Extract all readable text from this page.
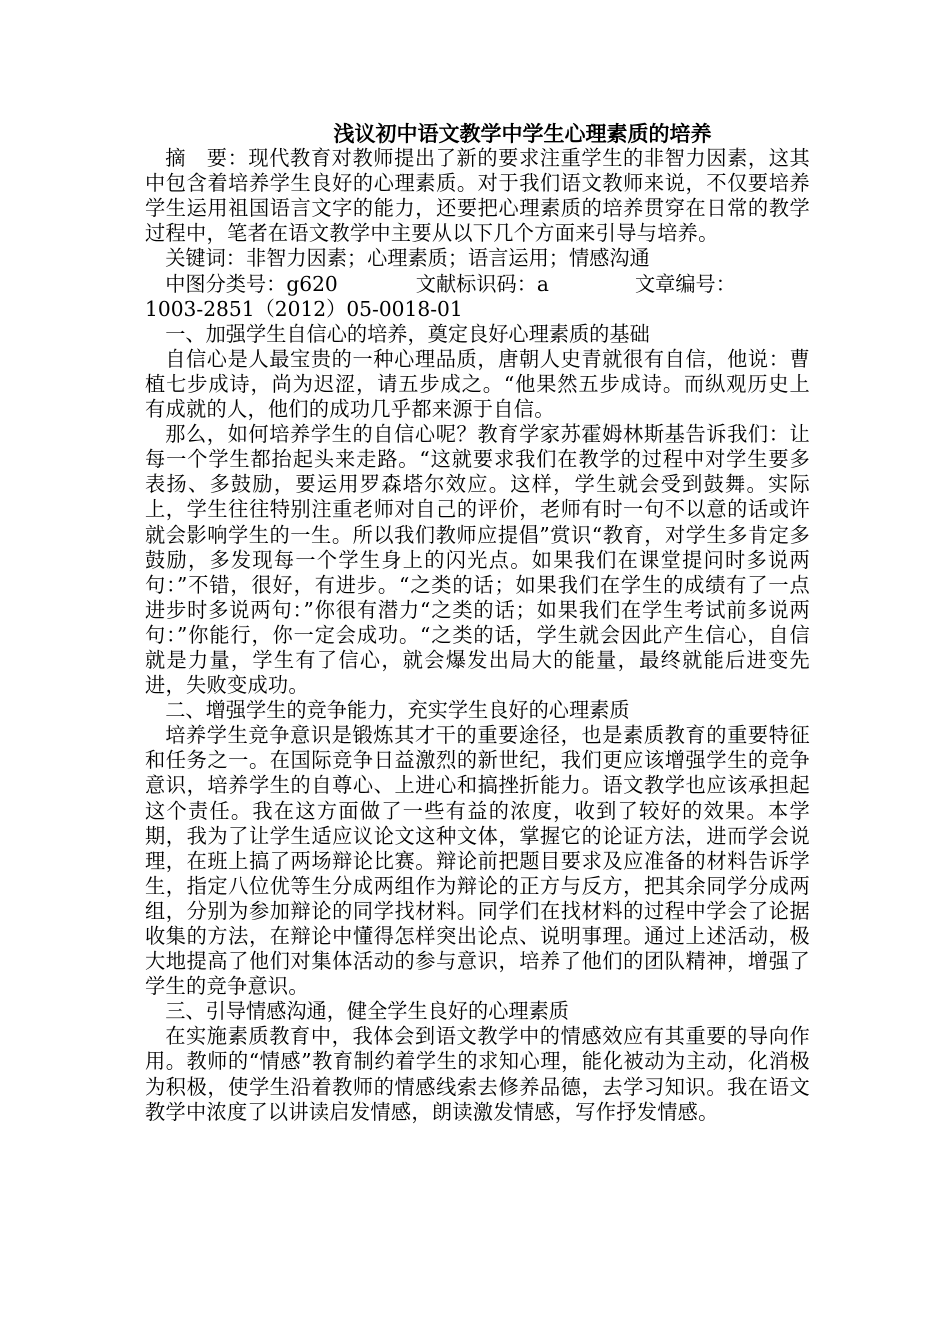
浅议初中语文教学中学生心理素质的培养

摘　要：现代教育对教师提出了新的要求注重学生的非智力因素，这其中包含着培养学生良好的心理素质。对于我们语文教师来说，不仅要培养学生运用祖国语言文字的能力，还要把心理素质的培养贯穿在日常的教学过程中，笔者在语文教学中主要从以下几个方面来引导与培养。

关键词：非智力因素；心理素质；语言运用；情感沟通

中图分类号：g620	文献标识码：a	文章编号：

1003-2851（2012）05-0018-01

一、加强学生自信心的培养，奠定良好心理素质的基础

自信心是人最宝贵的一种心理品质，唐朝人史青就很有自信，他说：曹植七步成诗，尚为迟涩，请五步成之。“他果然五步成诗。而纵观历史上有成就的人，他们的成功几乎都来源于自信。

那么，如何培养学生的自信心呢？教育学家苏霍姆林斯基告诉我们：让每一个学生都抬起头来走路。“这就要求我们在教学的过程中对学生要多表扬、多鼓励，要运用罗森塔尔效应。这样，学生就会受到鼓舞。实际上，学生往往特别注重老师对自己的评价，老师有时一句不以意的话或许就会影响学生的一生。所以我们教师应提倡”赏识“教育，对学生多肯定多鼓励，多发现每一个学生身上的闪光点。如果我们在课堂提问时多说两句：”不错，很好，有进步。“之类的话；如果我们在学生的成绩有了一点进步时多说两句：”你很有潜力“之类的话；如果我们在学生考试前多说两句：”你能行，你一定会成功。“之类的话，学生就会因此产生信心，自信就是力量，学生有了信心，就会爆发出局大的能量，最终就能后进变先进，失败变成功。

二、增强学生的竞争能力，充实学生良好的心理素质

培养学生竞争意识是锻炼其才干的重要途径，也是素质教育的重要特征和任务之一。在国际竞争日益激烈的新世纪，我们更应该增强学生的竞争意识，培养学生的自尊心、上进心和搞挫折能力。语文教学也应该承担起这个责任。我在这方面做了一些有益的浓度，收到了较好的效果。本学期，我为了让学生适应议论文这种文体，掌握它的论证方法，进而学会说理，在班上搞了两场辩论比赛。辩论前把题目要求及应准备的材料告诉学生，指定八位优等生分成两组作为辩论的正方与反方，把其余同学分成两组，分别为参加辩论的同学找材料。同学们在找材料的过程中学会了论据收集的方法，在辩论中懂得怎样突出论点、说明事理。通过上述活动，极大地提高了他们对集体活动的参与意识，培养了他们的团队精神，增强了学生的竞争意识。

三、引导情感沟通，健全学生良好的心理素质

在实施素质教育中，我体会到语文教学中的情感效应有其重要的导向作用。教师的“情感”教育制约着学生的求知心理，能化被动为主动，化消极为积极，使学生沿着教师的情感线索去修养品德，去学习知识。我在语文教学中浓度了以讲读启发情感，朗读激发情感，写作抒发情感。
